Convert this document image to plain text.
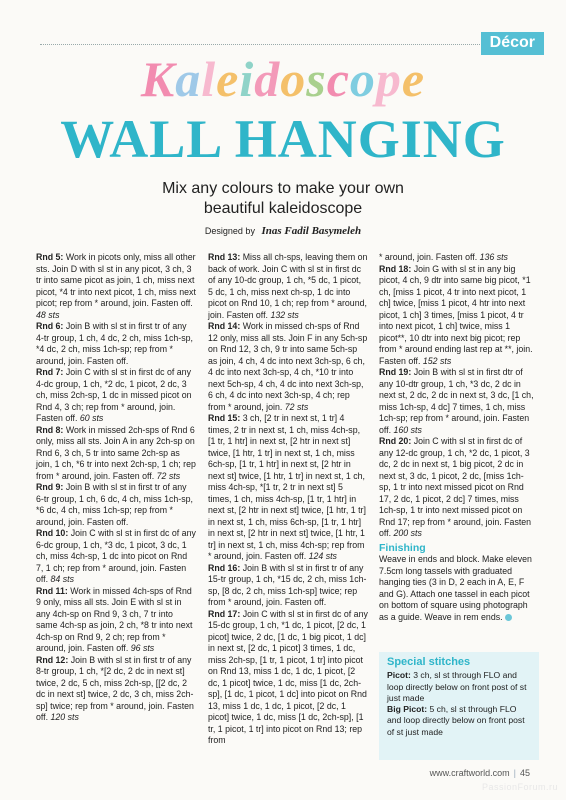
Décor
Kaleidoscope
WALL HANGING
Mix any colours to make your own
beautiful kaleidoscope
Designed by Inas Fadil Basymeleh
Rnd 5: Work in picots only, miss all other sts. Join D with sl st in any picot, 3 ch, 3 tr into same picot as join, 1 ch, miss next picot, *4 tr into next picot, 1 ch, miss next picot; rep from * around, join. Fasten off. 48 sts
Rnd 6: Join B with sl st in first tr of any 4-tr group, 1 ch, 4 dc, 2 ch, miss 1ch-sp, *4 dc, 2 ch, miss 1ch-sp; rep from * around, join. Fasten off.
Rnd 7: Join C with sl st in first dc of any 4-dc group, 1 ch, *2 dc, 1 picot, 2 dc, 3 ch, miss 2ch-sp, 1 dc in missed picot on Rnd 4, 3 ch; rep from * around, join. Fasten off. 60 sts
Rnd 8: Work in missed 2ch-sps of Rnd 6 only, miss all sts. Join A in any 2ch-sp on Rnd 6, 3 ch, 5 tr into same 2ch-sp as join, 1 ch, *6 tr into next 2ch-sp, 1 ch; rep from * around, join. Fasten off. 72 sts
Rnd 9: Join B with sl st in first tr of any 6-tr group, 1 ch, 6 dc, 4 ch, miss 1ch-sp, *6 dc, 4 ch, miss 1ch-sp; rep from * around, join. Fasten off.
Rnd 10: Join C with sl st in first dc of any 6-dc group, 1 ch, *3 dc, 1 picot, 3 dc, 1 ch, miss 4ch-sp, 1 dc into picot on Rnd 7, 1 ch; rep from * around, join. Fasten off. 84 sts
Rnd 11: Work in missed 4ch-sps of Rnd 9 only, miss all sts. Join E with sl st in any 4ch-sp on Rnd 9, 3 ch, 7 tr into same 4ch-sp as join, 2 ch, *8 tr into next 4ch-sp on Rnd 9, 2 ch; rep from * around, join. Fasten off. 96 sts
Rnd 12: Join B with sl st in first tr of any 8-tr group, 1 ch, *[2 dc, 2 dc in next st] twice, 2 dc, 5 ch, miss 2ch-sp, [[2 dc, 2 dc in next st] twice, 2 dc, 3 ch, miss 2ch-sp] twice; rep from * around, join. Fasten off. 120 sts
Rnd 13: Miss all ch-sps, leaving them on back of work. Join C with sl st in first dc of any 10-dc group, 1 ch, *5 dc, 1 picot, 5 dc, 1 ch, miss next ch-sp, 1 dc into picot on Rnd 10, 1 ch; rep from * around, join. Fasten off. 132 sts
Rnd 14: Work in missed ch-sps of Rnd 12 only, miss all sts. Join F in any 5ch-sp on Rnd 12, 3 ch, 9 tr into same 5ch-sp as join, 4 ch, 4 dc into next 3ch-sp, 6 ch, 4 dc into next 3ch-sp, 4 ch, *10 tr into next 5ch-sp, 4 ch, 4 dc into next 3ch-sp, 6 ch, 4 dc into next 3ch-sp, 4 ch; rep from * around, join. 72 sts
Rnd 15: 3 ch, [2 tr in next st, 1 tr] 4 times, 2 tr in next st, 1 ch, miss 4ch-sp, [1 tr, 1 htr] in next st, [2 htr in next st] twice, [1 htr, 1 tr] in next st, 1 ch, miss 6ch-sp, [1 tr, 1 htr] in next st, [2 htr in next st] twice, [1 htr, 1 tr] in next st, 1 ch, miss 4ch-sp, *[1 tr, 2 tr in next st] 5 times, 1 ch, miss 4ch-sp, [1 tr, 1 htr] in next st, [2 htr in next st] twice, [1 htr, 1 tr] in next st, 1 ch, miss 6ch-sp, [1 tr, 1 htr] in next st, [2 htr in next st] twice, [1 htr, 1 tr] in next st, 1 ch, miss 4ch-sp; rep from * around, join. Fasten off. 124 sts
Rnd 16: Join B with sl st in first tr of any 15-tr group, 1 ch, *15 dc, 2 ch, miss 1ch-sp, [8 dc, 2 ch, miss 1ch-sp] twice; rep from * around, join. Fasten off.
Rnd 17: Join C with sl st in first dc of any 15-dc group, 1 ch, *1 dc, 1 picot, [2 dc, 1 picot] twice, 2 dc, [1 dc, 1 big picot, 1 dc] in next st, [2 dc, 1 picot] 3 times, 1 dc, miss 2ch-sp, [1 tr, 1 picot, 1 tr] into picot on Rnd 13, miss 1 dc, 1 dc, 1 picot, [2 dc, 1 picot] twice, 1 dc, miss [1 dc, 2ch-sp], [1 dc, 1 picot, 1 dc] into picot on Rnd 13, miss 1 dc, 1 dc, 1 picot, [2 dc, 1 picot] twice, 1 dc, miss [1 dc, 2ch-sp], [1 tr, 1 picot, 1 tr] into picot on Rnd 13; rep from
* around, join. Fasten off. 136 sts
Rnd 18: Join G with sl st in any big picot, 4 ch, 9 dtr into same big picot, *1 ch, [miss 1 picot, 4 tr into next picot, 1 ch] twice, [miss 1 picot, 4 htr into next picot, 1 ch] 3 times, [miss 1 picot, 4 tr into next picot, 1 ch] twice, miss 1 picot**, 10 dtr into next big picot; rep from * around ending last rep at **, join. Fasten off. 152 sts
Rnd 19: Join B with sl st in first dtr of any 10-dtr group, 1 ch, *3 dc, 2 dc in next st, 2 dc, 2 dc in next st, 3 dc, [1 ch, miss 1ch-sp, 4 dc] 7 times, 1 ch, miss 1ch-sp; rep from * around, join. Fasten off. 160 sts
Rnd 20: Join C with sl st in first dc of any 12-dc group, 1 ch, *2 dc, 1 picot, 3 dc, 2 dc in next st, 1 big picot, 2 dc in next st, 3 dc, 1 picot, 2 dc, [miss 1ch-sp, 1 tr into next missed picot on Rnd 17, 2 dc, 1 picot, 2 dc] 7 times, miss 1ch-sp, 1 tr into next missed picot on Rnd 17; rep from * around, join. Fasten off. 200 sts
Finishing
Weave in ends and block. Make eleven 7.5cm long tassels with graduated hanging ties (3 in D, 2 each in A, E, F and G). Attach one tassel in each picot on bottom of square using photograph as a guide. Weave in rem ends.
Special stitches
Picot: 3 ch, sl st through FLO and loop directly below on front post of st just made
Big Picot: 5 ch, sl st through FLO and loop directly below on front post of st just made
www.craftworld.com | 45
PassionForum.ru
